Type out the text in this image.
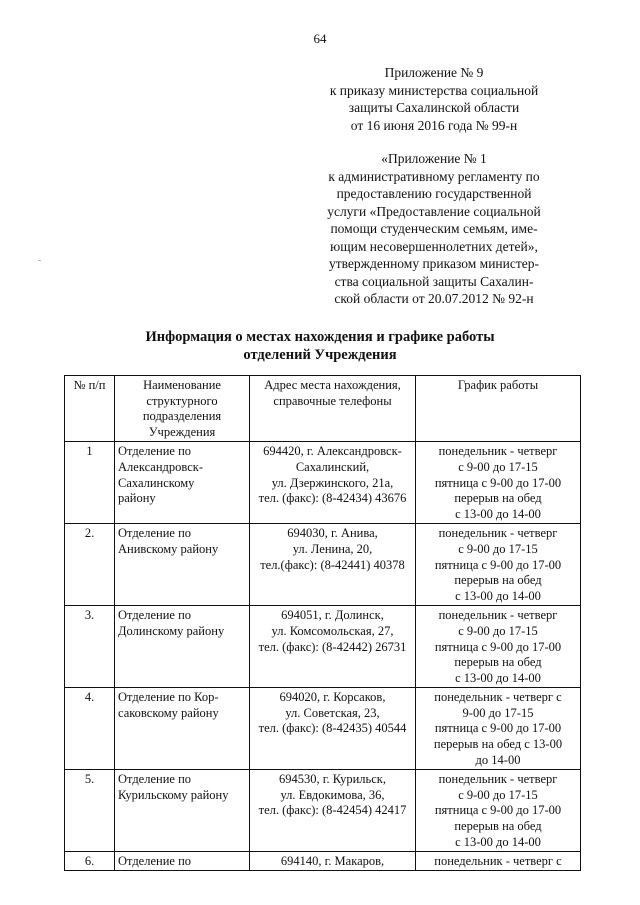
64
Приложение № 9
к приказу министерства социальной
защиты Сахалинской области
от 16 июня 2016 года № 99-н
«Приложение № 1
к административному регламенту по
предоставлению государственной
услуги «Предоставление социальной
помощи студенческим семьям, име-
ющим несовершеннолетних детей»,
утвержденному приказом министер-
ства социальной защиты Сахалин-
ской области от 20.07.2012 № 92-н
-
Информация о местах нахождения и графике работы
отделений Учреждения
№ п/п	Наименование
структурного
подразделения
Учреждения	Адрес места нахождения,
справочные телефоны	График работы
1	Отделение по
Александровск-
Сахалинскому
району	694420, г. Александровск-
Сахалинский,
ул. Дзержинского, 21а,
тел. (факс): (8-42434) 43676	понедельник - четверг
с 9-00 до 17-15
пятница с 9-00 до 17-00
перерыв на обед
с 13-00 до 14-00

2.	Отделение по
Анивскому району	694030, г. Анива,
ул. Ленина, 20,
тел.(факс): (8-42441) 40378	понедельник - четверг
с 9-00 до 17-15
пятница с 9-00 до 17-00
перерыв на обед
с 13-00 до 14-00

3.	Отделение по
Долинскому району	694051, г. Долинск,
ул. Комсомольская, 27,
тел. (факс): (8-42442) 26731	понедельник - четверг
с 9-00 до 17-15
пятница с 9-00 до 17-00
перерыв на обед
с 13-00 до 14-00

4.	Отделение по Кор-
саковскому району	694020, г. Корсаков,
ул. Советская, 23,
тел. (факс): (8-42435) 40544	понедельник - четверг с
9-00 до 17-15
пятница с 9-00 до 17-00
перерыв на обед с 13-00
до 14-00

5.	Отделение по
Курильскому району	694530, г. Курильск,
ул. Евдокимова, 36,
тел. (факс): (8-42454) 42417	понедельник - четверг
с 9-00 до 17-15
пятница с 9-00 до 17-00
перерыв на обед
с 13-00 до 14-00

6.	Отделение по	694140, г. Макаров,	понедельник - четверг с
